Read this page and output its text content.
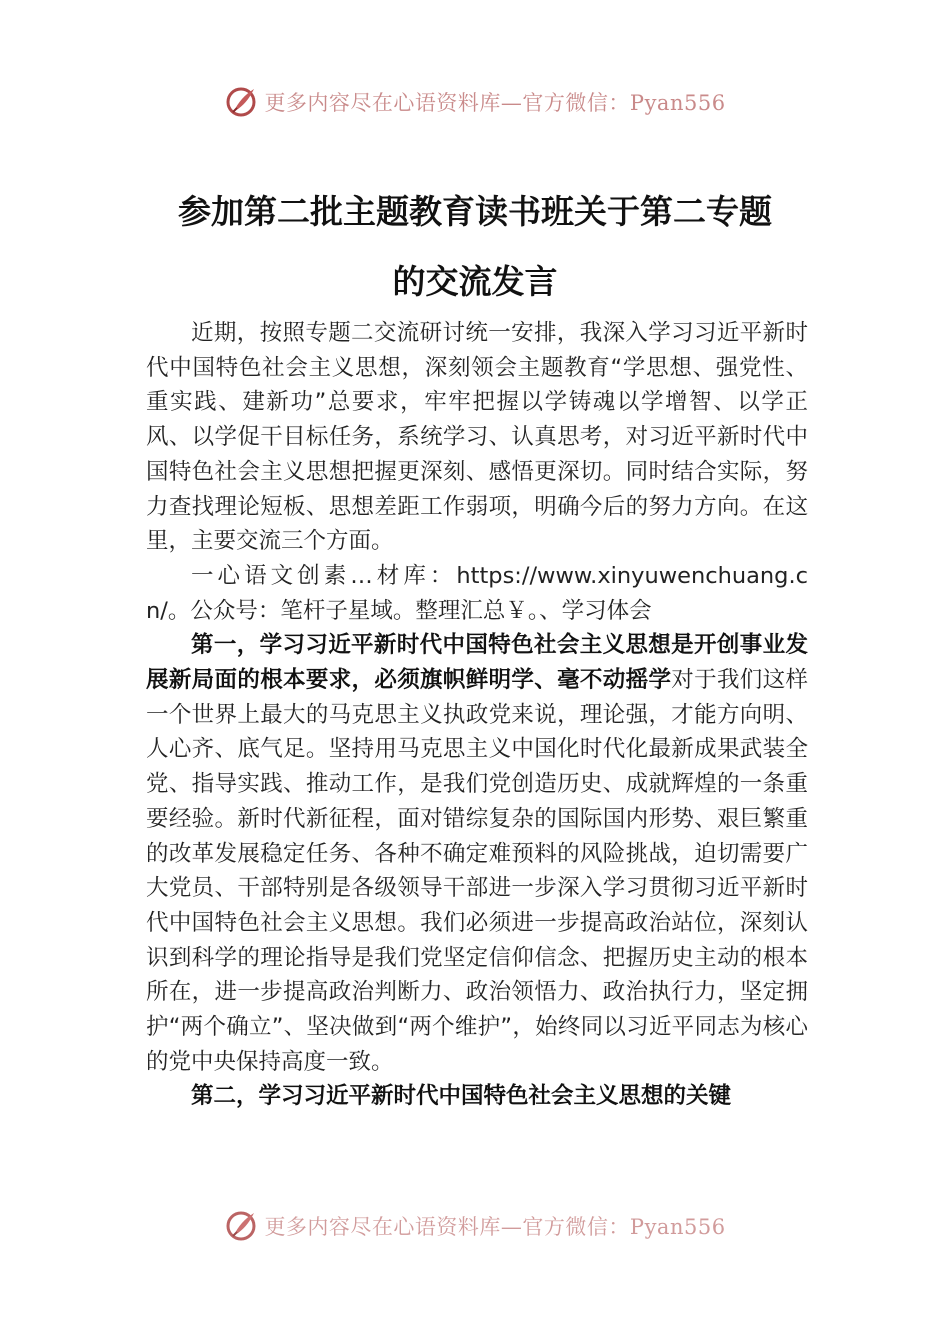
更多内容尽在心语资料库—官方微信：Pyan556
参加第二批主题教育读书班关于第二专题
的交流发言

近期，按照专题二交流研讨统一安排，我深入学习习近平新时代中国特色社会主义思想，深刻领会主题教育“学思想、强党性、重实践、建新功”总要求，牢牢把握以学铸魂以学增智、以学正风、以学促干目标任务，系统学习、认真思考，对习近平新时代中国特色社会主义思想把握更深刻、感悟更深切。同时结合实际，努力查找理论短板、思想差距工作弱项，明确今后的努力方向。在这里，主要交流三个方面。

一心语文创素…材库：https://www.xinyuwenchuang.cn/。公众号：笔杆子星域。整理汇总￥。、学习体会

第一，学习习近平新时代中国特色社会主义思想是开创事业发展新局面的根本要求，必须旗帜鲜明学、毫不动摇学对于我们这样一个世界上最大的马克思主义执政党来说，理论强，才能方向明、人心齐、底气足。坚持用马克思主义中国化时代化最新成果武装全党、指导实践、推动工作，是我们党创造历史、成就辉煌的一条重要经验。新时代新征程，面对错综复杂的国际国内形势、艰巨繁重的改革发展稳定任务、各种不确定难预料的风险挑战，迫切需要广大党员、干部特别是各级领导干部进一步深入学习贯彻习近平新时代中国特色社会主义思想。我们必须进一步提高政治站位，深刻认识到科学的理论指导是我们党坚定信仰信念、把握历史主动的根本所在，进一步提高政治判断力、政治领悟力、政治执行力，坚定拥护“两个确立”、坚决做到“两个维护”，始终同以习近平同志为核心的党中央保持高度一致。

第二，学习习近平新时代中国特色社会主义思想的关键

更多内容尽在心语资料库—官方微信：Pyan556
